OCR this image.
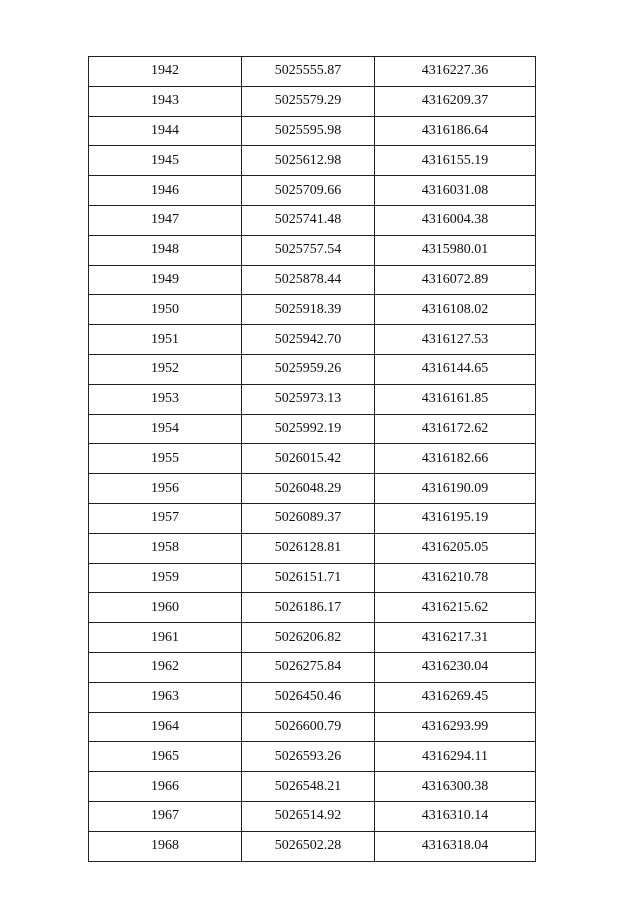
1942	5025555.87	4316227.36
1943	5025579.29	4316209.37
1944	5025595.98	4316186.64
1945	5025612.98	4316155.19
1946	5025709.66	4316031.08
1947	5025741.48	4316004.38
1948	5025757.54	4315980.01
1949	5025878.44	4316072.89
1950	5025918.39	4316108.02
1951	5025942.70	4316127.53
1952	5025959.26	4316144.65
1953	5025973.13	4316161.85
1954	5025992.19	4316172.62
1955	5026015.42	4316182.66
1956	5026048.29	4316190.09
1957	5026089.37	4316195.19
1958	5026128.81	4316205.05
1959	5026151.71	4316210.78
1960	5026186.17	4316215.62
1961	5026206.82	4316217.31
1962	5026275.84	4316230.04
1963	5026450.46	4316269.45
1964	5026600.79	4316293.99
1965	5026593.26	4316294.11
1966	5026548.21	4316300.38
1967	5026514.92	4316310.14
1968	5026502.28	4316318.04
